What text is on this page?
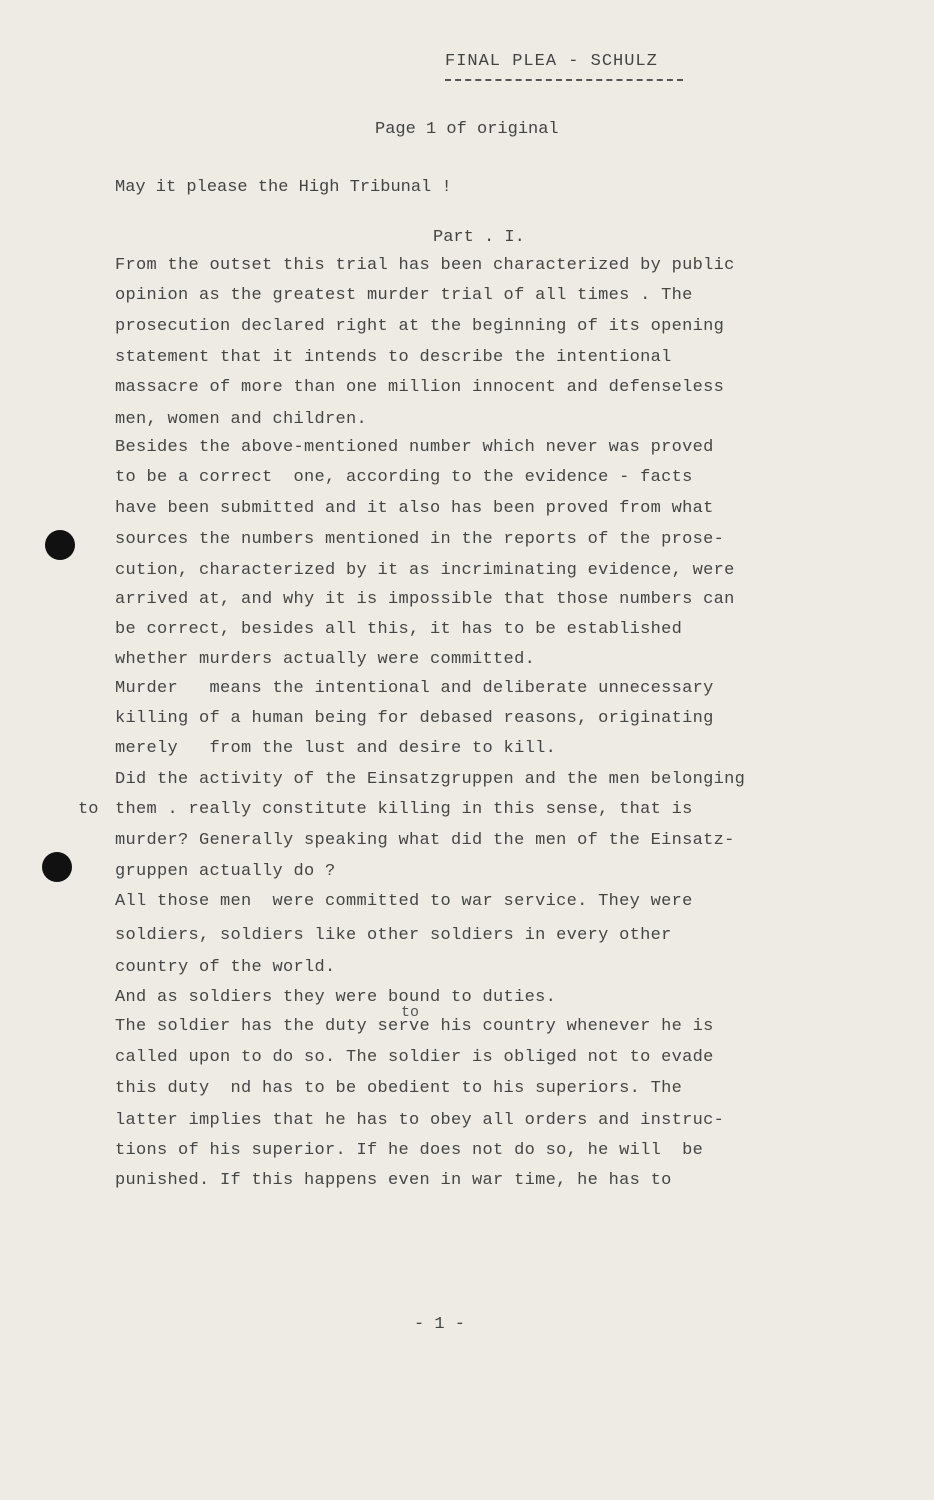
FINAL PLEA - SCHULZ
Page 1 of original
May it please the High Tribunal !
Part . I.
From the outset this trial has been characterized by public
opinion as the greatest murder trial of all times . The
prosecution declared right at the beginning of its opening
statement that it intends to describe the intentional
massacre of more than one million innocent and defenseless
men, women and children.
Besides the above-mentioned number which never was proved
to be a correct  one, according to the evidence - facts
have been submitted and it also has been proved from what
sources the numbers mentioned in the reports of the prose-
cution, characterized by it as incriminating evidence, were
arrived at, and why it is impossible that those numbers can
be correct, besides all this, it has to be established
whether murders actually were committed.
Murder   means the intentional and deliberate unnecessary
killing of a human being for debased reasons, originating
merely   from the lust and desire to kill.
Did the activity of the Einsatzgruppen and the men belonging
them . really constitute killing in this sense, that is
murder? Generally speaking what did the men of the Einsatz-
gruppen actually do ?
All those men  were committed to war service. They were
soldiers, soldiers like other soldiers in every other
country of the world.
And as soldiers they were bound to duties.
The soldier has the duty serve his country whenever he is
called upon to do so. The soldier is obliged not to evade
this duty  nd has to be obedient to his superiors. The
latter implies that he has to obey all orders and instruc-
tions of his superior. If he does not do so, he will  be
punished. If this happens even in war time, he has to
to
to
- 1 -
